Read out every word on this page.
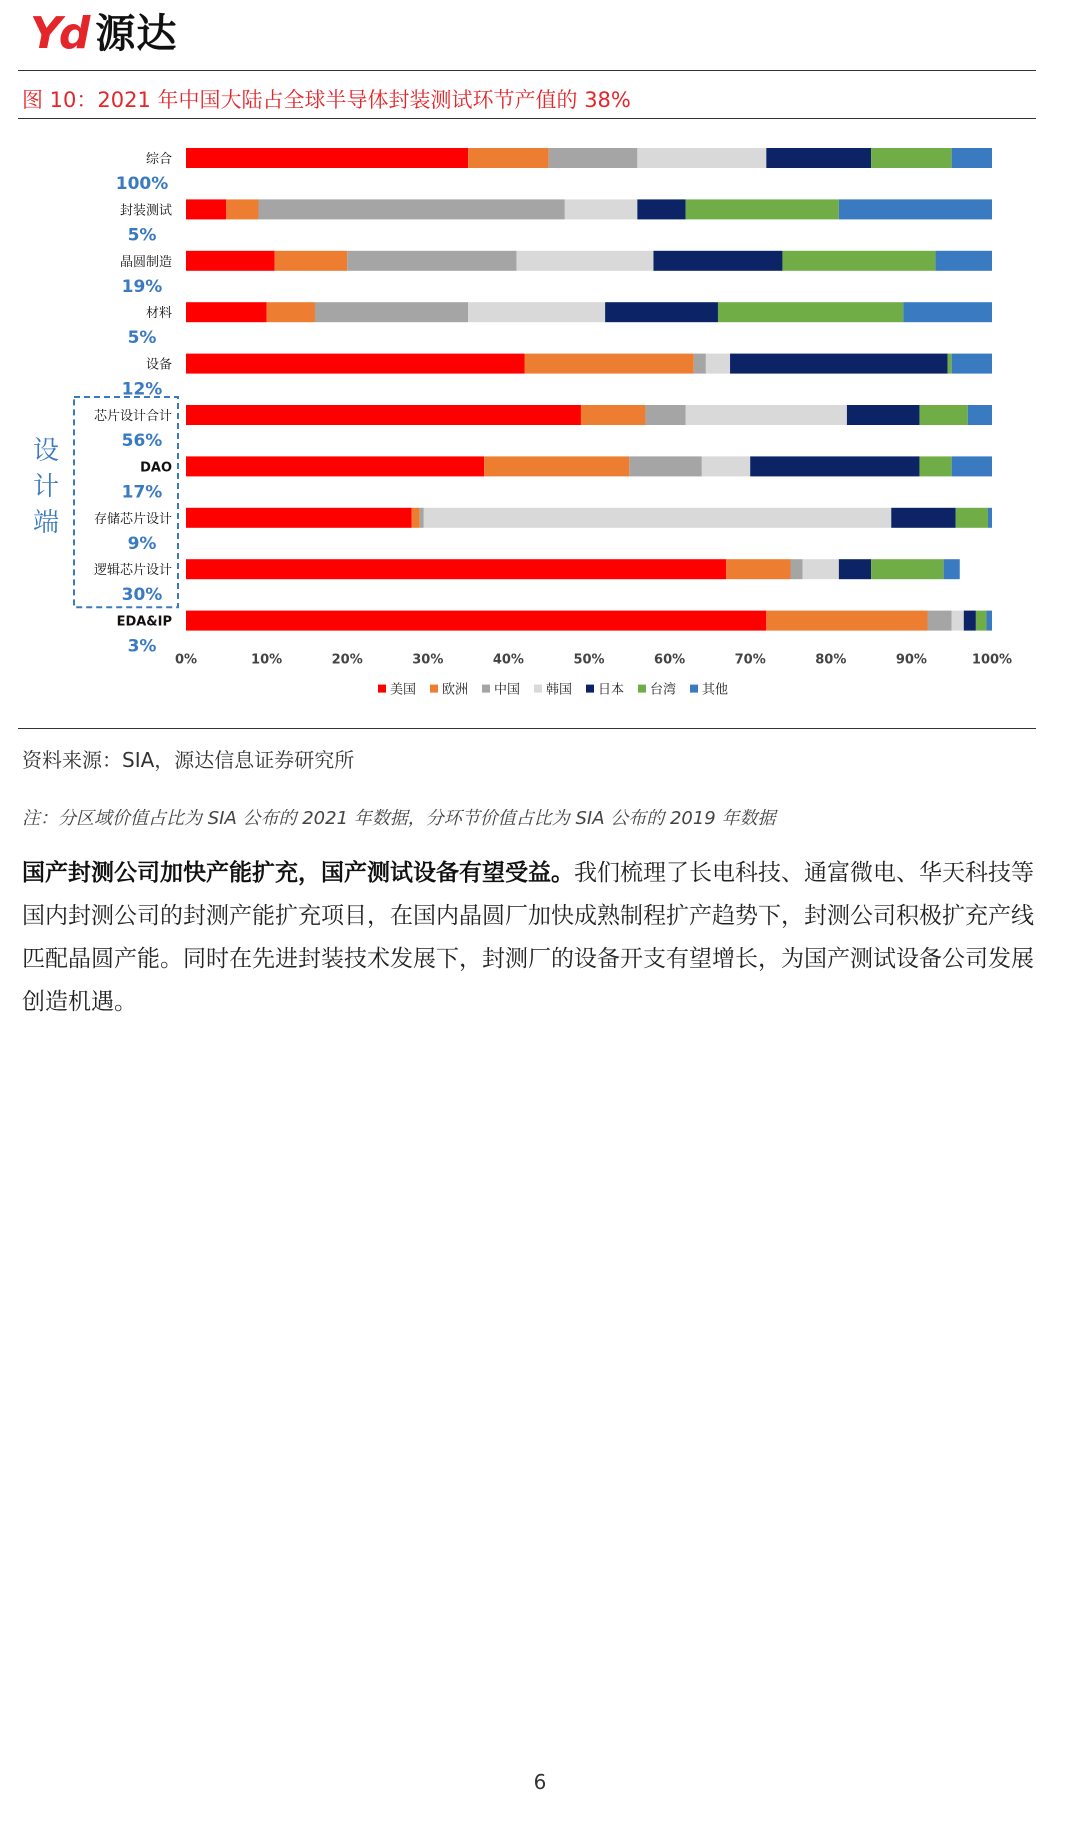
Yd 源达
图 10：2021 年中国大陆占全球半导体封装测试环节产值的 38%
综合
100%
封装测试
5%
晶圆制造
19%
材料
5%
设备
12%
芯片设计合计
56%
DAO
17%
存储芯片设计
9%
逻辑芯片设计
30%
EDA&IP
3%
设
计
端
0%	10%	20%	30%	40%	50%	60%	70%	80%	90%	100%
美国 欧洲 中国 韩国 日本 台湾 其他
资料来源：SIA，源达信息证券研究所
注：分区域价值占比为 SIA 公布的 2021 年数据，分环节价值占比为 SIA 公布的 2019 年数据
国产封测公司加快产能扩充，国产测试设备有望受益。我们梳理了长电科技、通富微电、华天科技等国内封测公司的封测产能扩充项目，在国内晶圆厂加快成熟制程扩产趋势下，封测公司积极扩充产线匹配晶圆产能。同时在先进封装技术发展下，封测厂的设备开支有望增长，为国产测试设备公司发展创造机遇。
6
